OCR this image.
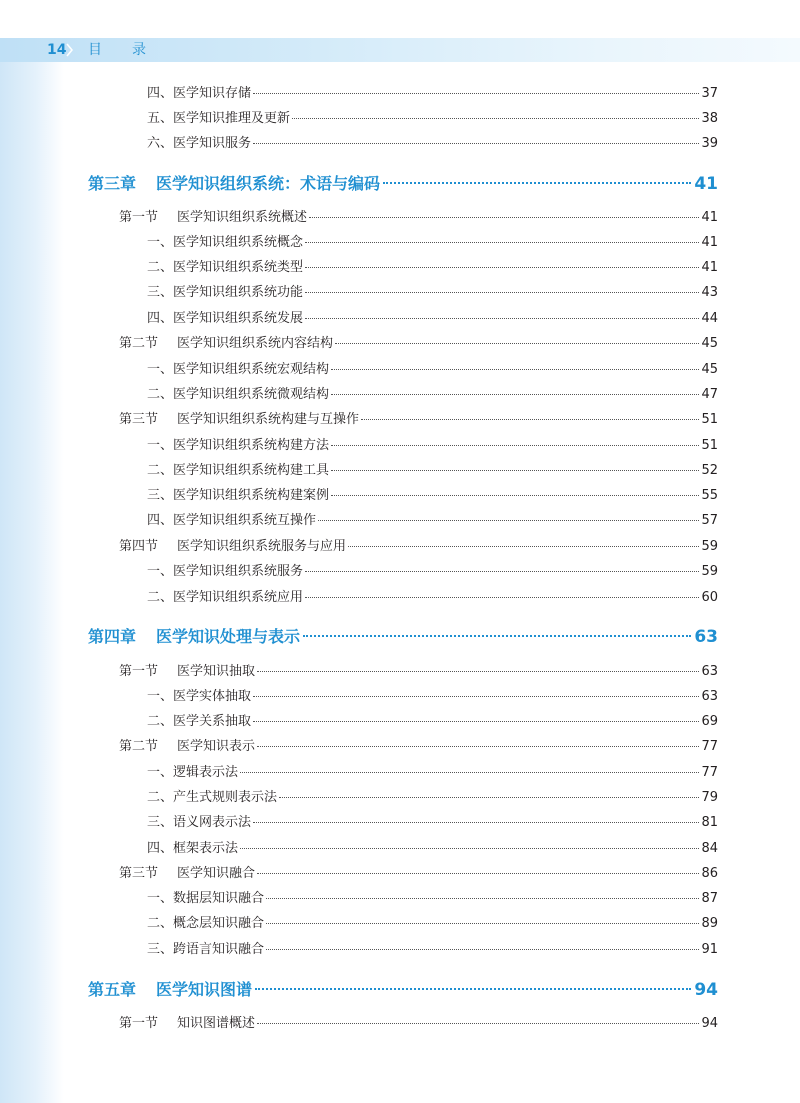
14 目录
四、医学知识存储	37
五、医学知识推理及更新	38
六、医学知识服务	39
第三章 医学知识组织系统：术语与编码	41
第一节 医学知识组织系统概述	41
一、医学知识组织系统概念	41
二、医学知识组织系统类型	41
三、医学知识组织系统功能	43
四、医学知识组织系统发展	44
第二节 医学知识组织系统内容结构	45
一、医学知识组织系统宏观结构	45
二、医学知识组织系统微观结构	47
第三节 医学知识组织系统构建与互操作	51
一、医学知识组织系统构建方法	51
二、医学知识组织系统构建工具	52
三、医学知识组织系统构建案例	55
四、医学知识组织系统互操作	57
第四节 医学知识组织系统服务与应用	59
一、医学知识组织系统服务	59
二、医学知识组织系统应用	60
第四章 医学知识处理与表示	63
第一节 医学知识抽取	63
一、医学实体抽取	63
二、医学关系抽取	69
第二节 医学知识表示	77
一、逻辑表示法	77
二、产生式规则表示法	79
三、语义网表示法	81
四、框架表示法	84
第三节 医学知识融合	86
一、数据层知识融合	87
二、概念层知识融合	89
三、跨语言知识融合	91
第五章 医学知识图谱	94
第一节 知识图谱概述	94
